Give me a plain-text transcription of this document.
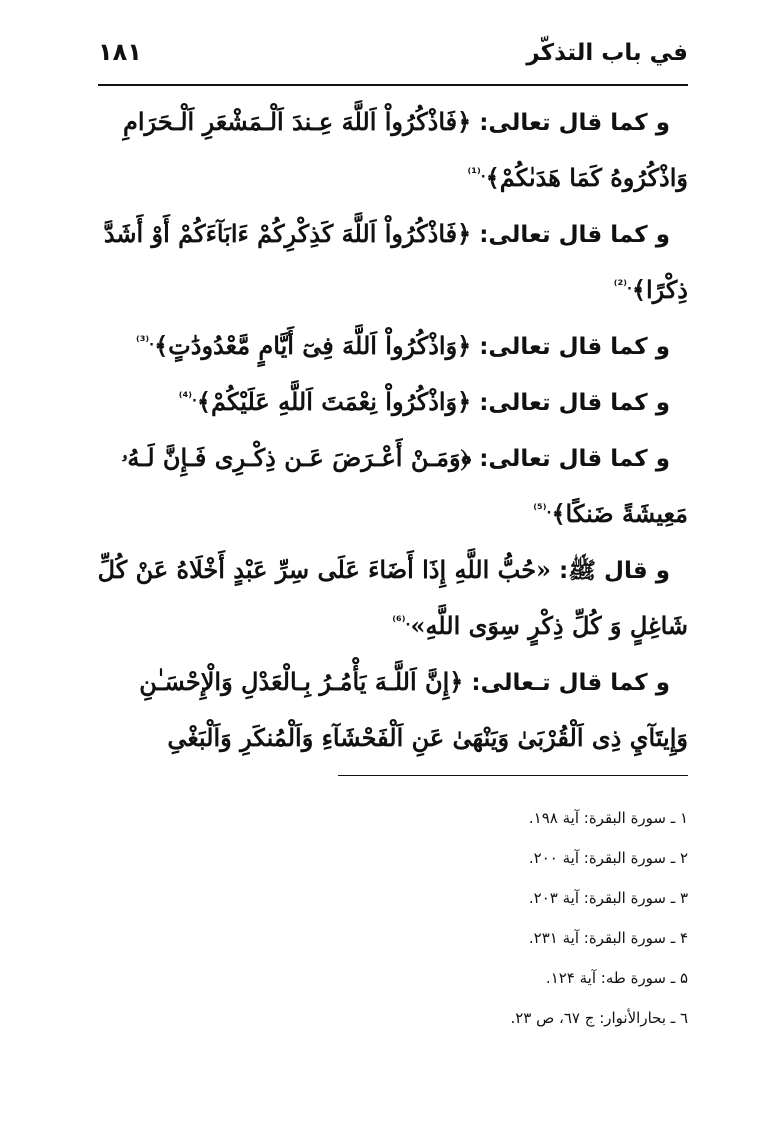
في باب التذكّر
١٨١
و كما قال تعالى: ﴿فَاذْكُرُواْ اَللَّهَ عِـندَ اَلْـمَشْعَرِ اَلْـحَرَامِ
وَاذْكُرُوهُ كَمَا هَدَىٰكُمْ﴾$^{.^{(1)}}$
و كما قال تعالى: ﴿فَاذْكُرُواْ اَللَّهَ كَذِكْرِكُمْ ءَابَآءَكُمْ أَوْ أَشَدَّ
ذِكْرًا﴾$^{.^{(2)}}$
و كما قال تعالى: ﴿وَاذْكُرُواْ اَللَّهَ فِىٓ أَيَّامٍ مَّعْدُودَٰتٍ﴾$^{.^{(3)}}$
و كما قال تعالى: ﴿وَاذْكُرُواْ نِعْمَتَ اَللَّهِ عَلَيْكُمْ﴾$^{.^{(4)}}$
و كما قال تعالى: ﴿وَمَـنْ أَعْـرَضَ عَـن ذِكْـرِى فَـإِنَّ لَـهُۥ
مَعِيشَةً ضَنكًا﴾$^{.^{(5)}}$
و قال ﷺ: «حُبُّ اللَّهِ إِذَا أَضَاءَ عَلَى سِرِّ عَبْدٍ أَخْلَاهُ عَنْ كُلِّ
شَاغِلٍ وَ كُلِّ ذِكْرٍ سِوَى اللَّهِ»$^{.^{(6)}}$
و كما قال تـعالى: ﴿إِنَّ اَللَّـهَ يَأْمُـرُ بِـالْعَدْلِ وَالْإِحْسَـٰنِ
وَإِيتَآيِ ذِى اَلْقُرْبَىٰ وَيَنْهَىٰ عَنِ اَلْفَحْشَآءِ وَاَلْمُنكَرِ وَاَلْبَغْىِ
١ ـ سورة البقرة: آية ١٩٨.
٢ ـ سورة البقرة: آية ٢٠٠.
٣ ـ سورة البقرة: آية ٢٠٣.
۴ ـ سورة البقرة: آية ٢٣١.
۵ ـ سورة طه: آية ١٢۴.
٦ ـ بحارالأنوار: ج ٦٧، ص ٢٣.
